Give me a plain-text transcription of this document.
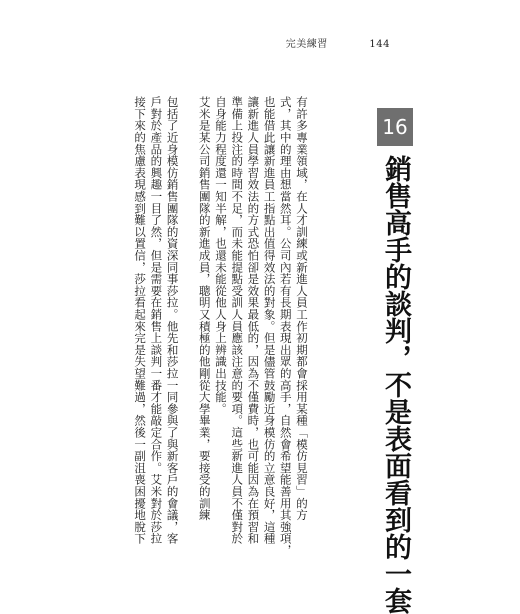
完美練習	144
16
銷售高手的談判，不是表面看到的一套

有許多專業領域，在人才訓練或新進人員工作初期都會採用某種「模仿見習」的方

式，其中的理由想當然耳。公司內若有長期表現出眾的高手，自然會希望能善用其強項，

也能借此讓新進員工指點出值得效法的對象。但是儘管鼓勵近身模仿的立意良好，這種

讓新進人員學習效法的方式恐怕卻是效果最低的，因為不僅費時，也可能因為在預習和

準備上投注的時間不足，而未能提點受訓人員應該注意的要項。這些新進人員不僅對於

自身能力程度還一知半解，也還未能從他人身上辨識出技能。

艾米是某公司銷售團隊的新進成員，聰明又積極的他剛從大學畢業，要接受的訓練

包括了近身模仿銷售團隊的資深同事莎拉。他先和莎拉一同參與了與新客戶的會議，客

戶對於產品的興趣一目了然，但是需要在銷售上談判一番才能敲定合作。艾米對於莎拉

接下來的焦慮表現感到難以置信，莎拉看起來完是失望難過，然後一副沮喪困擾地脫下
